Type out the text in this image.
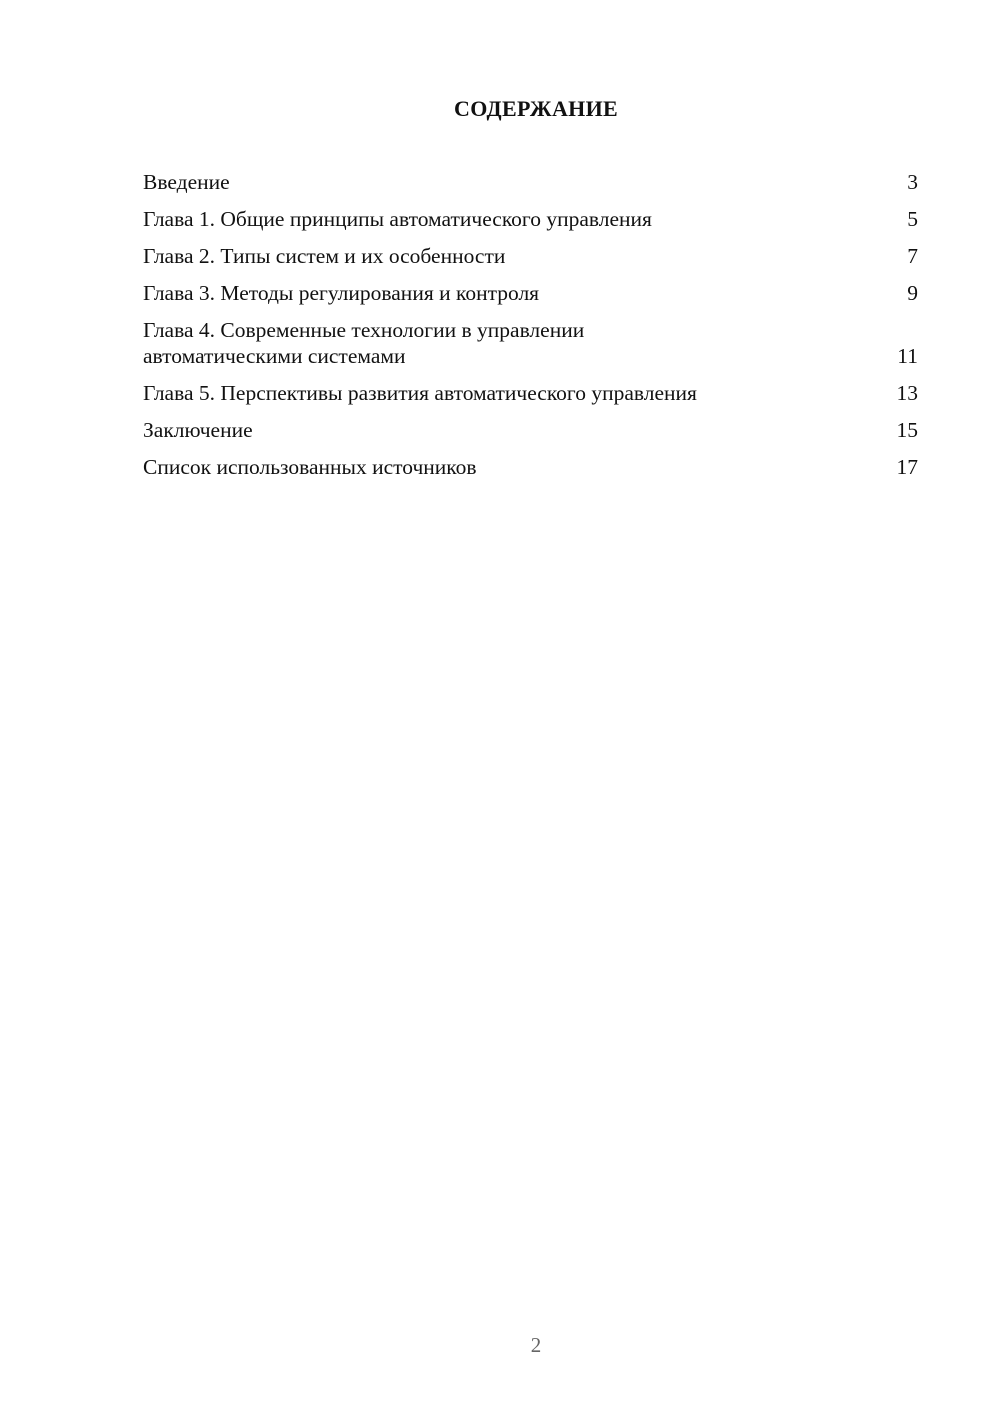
СОДЕРЖАНИЕ
Введение	3
Глава 1. Общие принципы автоматического управления	5
Глава 2. Типы систем и их особенности	7
Глава 3. Методы регулирования и контроля	9
Глава 4. Современные технологии в управлении
автоматическими системами	11
Глава 5. Перспективы развития автоматического управления	13
Заключение	15
Список использованных источников	17
2
